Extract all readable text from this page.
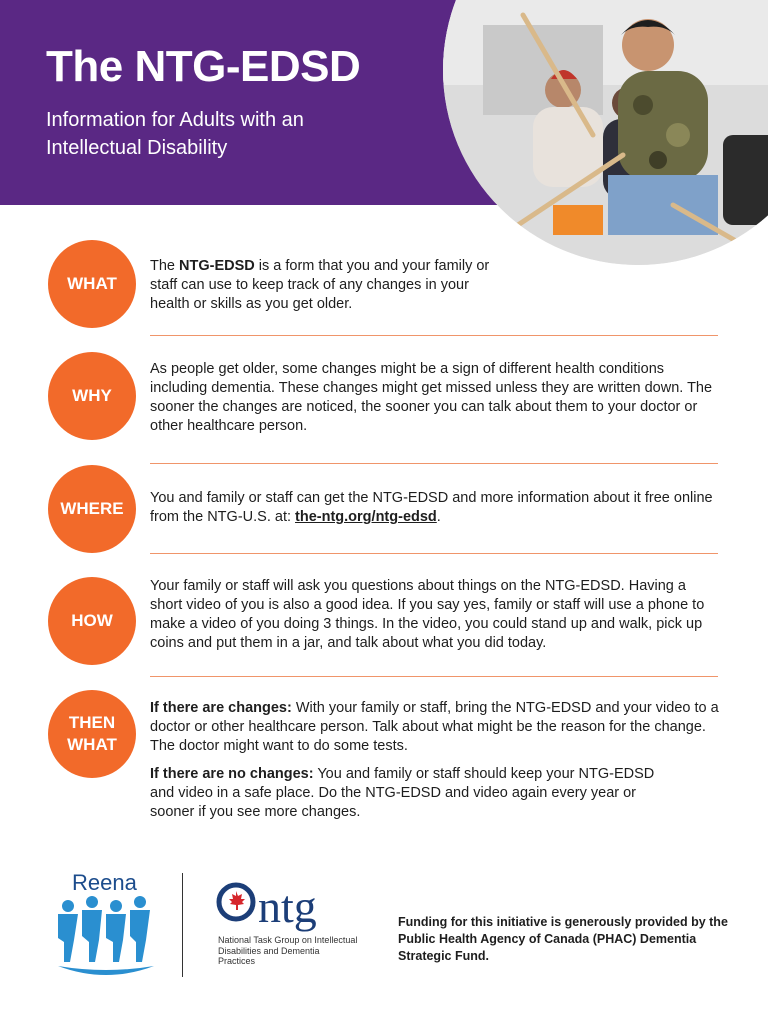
The NTG-EDSD
Information for Adults with an Intellectual Disability
WHAT
The NTG-EDSD is a form that you and your family or staff can use to keep track of any changes in your health or skills as you get older.
WHY
As people get older, some changes might be a sign of different health conditions including dementia. These changes might get missed unless they are written down. The sooner the changes are noticed, the sooner you can talk about them to your doctor or other healthcare person.
WHERE
You and family or staff can get the NTG-EDSD and more information about it free online from the NTG-U.S. at: the-ntg.org/ntg-edsd.
HOW
Your family or staff will ask you questions about things on the NTG-EDSD. Having a short video of you is also a good idea. If you say yes, family or staff will use a phone to make a video of you doing 3 things. In the video, you could stand up and walk, pick up coins and put them in a jar, and talk about what you did today.
THEN
WHAT
If there are changes: With your family or staff, bring the NTG-EDSD and your video to a doctor or other healthcare person. Talk about what might be the reason for the change. The doctor might want to do some tests.
If there are no changes: You and family or staff should keep your NTG-EDSD and video in a safe place. Do the NTG-EDSD and video again every year or sooner if you see more changes.
Reena	ntg
National Task Group on Intellectual Disabilities and Dementia Practices
Funding for this initiative is generously provided by the Public Health Agency of Canada (PHAC) Dementia Strategic Fund.
